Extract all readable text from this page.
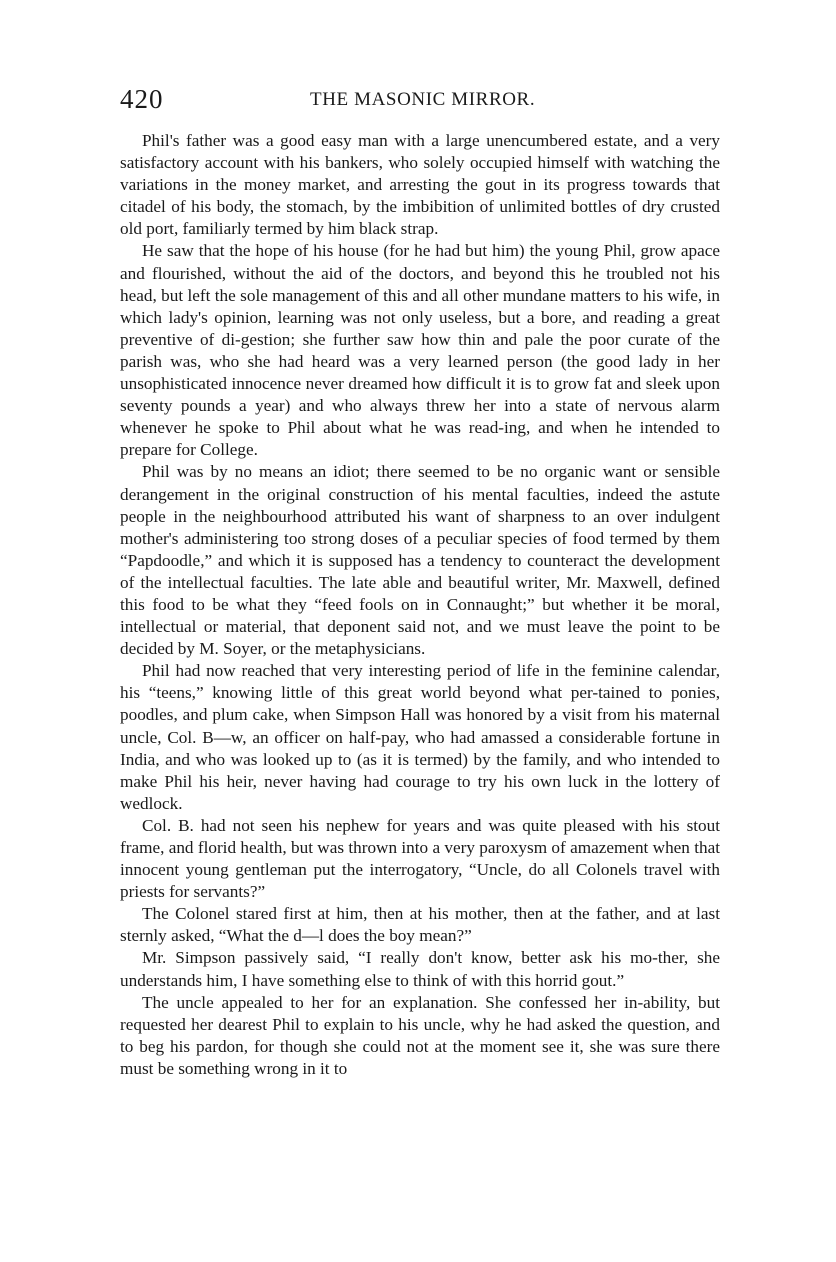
420	THE MASONIC MIRROR.

Phil's father was a good easy man with a large unencumbered estate, and a very satisfactory account with his bankers, who solely occupied himself with watching the variations in the money market, and arresting the gout in its progress towards that citadel of his body, the stomach, by the imbibition of unlimited bottles of dry crusted old port, familiarly termed by him black strap.

He saw that the hope of his house (for he had but him) the young Phil, grow apace and flourished, without the aid of the doctors, and beyond this he troubled not his head, but left the sole management of this and all other mundane matters to his wife, in which lady's opinion, learning was not only useless, but a bore, and reading a great preventive of di-gestion; she further saw how thin and pale the poor curate of the parish was, who she had heard was a very learned person (the good lady in her unsophisticated innocence never dreamed how difficult it is to grow fat and sleek upon seventy pounds a year) and who always threw her into a state of nervous alarm whenever he spoke to Phil about what he was read-ing, and when he intended to prepare for College.

Phil was by no means an idiot; there seemed to be no organic want or sensible derangement in the original construction of his mental faculties, indeed the astute people in the neighbourhood attributed his want of sharpness to an over indulgent mother's administering too strong doses of a peculiar species of food termed by them “Papdoodle,” and which it is supposed has a tendency to counteract the development of the intellectual faculties. The late able and beautiful writer, Mr. Maxwell, defined this food to be what they “feed fools on in Connaught;” but whether it be moral, intellectual or material, that deponent said not, and we must leave the point to be decided by M. Soyer, or the metaphysicians.

Phil had now reached that very interesting period of life in the feminine calendar, his “teens,” knowing little of this great world beyond what per-tained to ponies, poodles, and plum cake, when Simpson Hall was honored by a visit from his maternal uncle, Col. B—w, an officer on half-pay, who had amassed a considerable fortune in India, and who was looked up to (as it is termed) by the family, and who intended to make Phil his heir, never having had courage to try his own luck in the lottery of wedlock.

Col. B. had not seen his nephew for years and was quite pleased with his stout frame, and florid health, but was thrown into a very paroxysm of amazement when that innocent young gentleman put the interrogatory, “Uncle, do all Colonels travel with priests for servants?”

The Colonel stared first at him, then at his mother, then at the father, and at last sternly asked, “What the d—l does the boy mean?”

Mr. Simpson passively said, “I really don't know, better ask his mo-ther, she understands him, I have something else to think of with this horrid gout.”

The uncle appealed to her for an explanation. She confessed her in-ability, but requested her dearest Phil to explain to his uncle, why he had asked the question, and to beg his pardon, for though she could not at the moment see it, she was sure there must be something wrong in it to
